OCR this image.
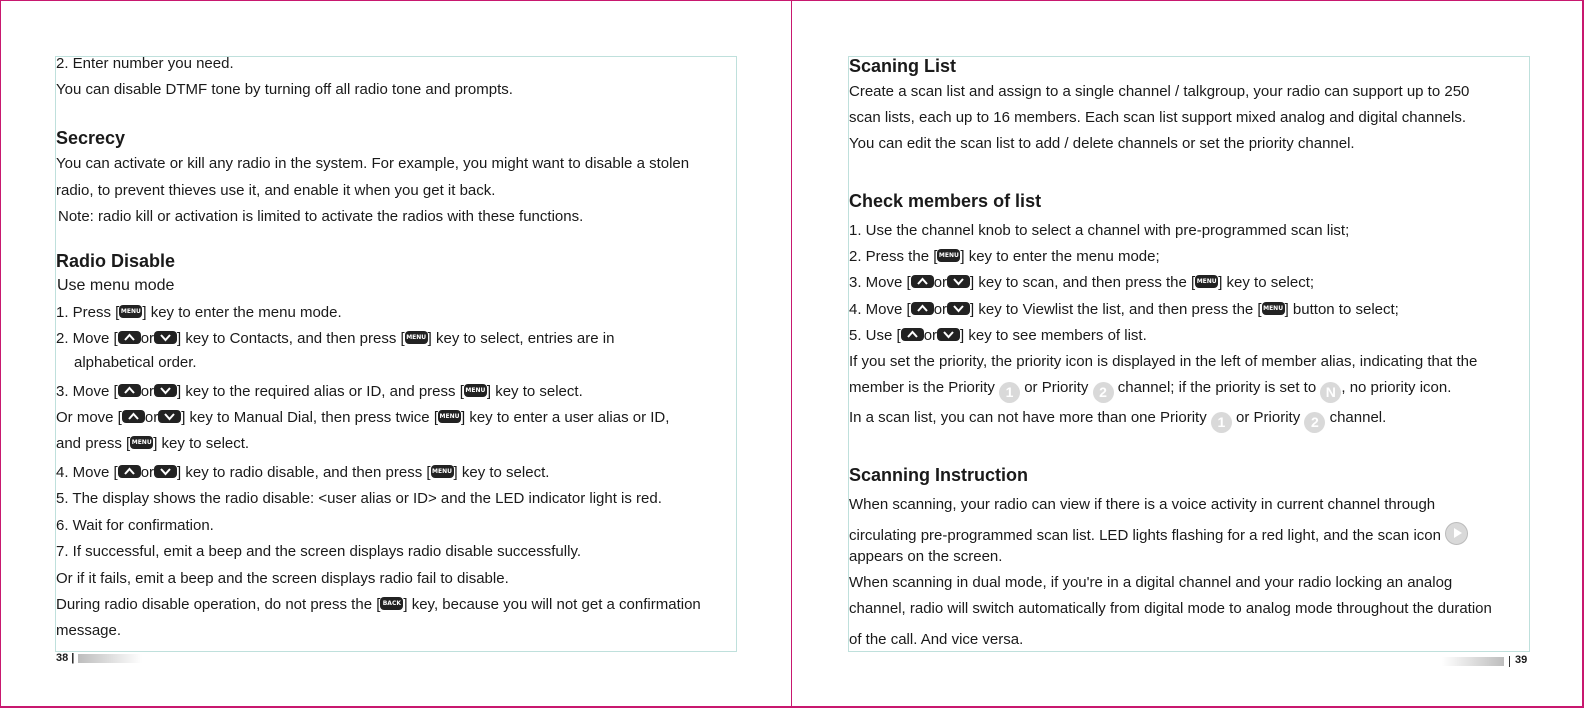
2. Enter number you need.
You can disable DTMF tone by turning off all radio tone and prompts.
Secrecy
You can activate or kill any radio in the system. For example, you might want to disable a stolen
radio, to prevent thieves use it, and enable it when you get it back.
Note: radio kill or activation is limited to activate the radios with these functions.
Radio Disable
Use menu mode
1. Press [ MENU ] key to enter the menu mode.
2. Move [ or ] key to Contacts, and then press [ MENU ] key to select, entries are in
alphabetical order.
3. Move [ or ] key to the required alias or ID, and press [ MENU ] key to select.
Or move [ or ] key to Manual Dial, then press twice [ MENU ] key to enter a user alias or ID,
and press [ MENU ] key to select.
4. Move [ or ] key to radio disable, and then press [ MENU ] key to select.
5. The display shows the radio disable: <user alias or ID> and the LED indicator light is red.
6. Wait for confirmation.
7. If successful, emit a beep and the screen displays radio disable successfully.
Or if it fails, emit a beep and the screen displays radio fail to disable.
During radio disable operation, do not press the [ BACK ] key, because you will not get a confirmation
message.
38 |
Scaning List
Create a scan list and assign to a single channel / talkgroup, your radio can support up to 250
scan lists, each up to 16 members. Each scan list support mixed analog and digital channels.
You can edit the scan list to add / delete channels or set the priority channel.
Check members of list
1. Use the channel knob to select a channel with pre-programmed scan list;
2. Press the [ MENU ] key to enter the menu mode;
3. Move [ or ] key to scan, and then press the [ MENU ] key to select;
4. Move [ or ] key to Viewlist the list, and then press the [ MENU ] button to select;
5. Use [ or ] key to see members of list.
If you set the priority, the priority icon is displayed in the left of member alias, indicating that the
member is the Priority 1 or Priority 2 channel; if the priority is set to N , no priority icon.
In a scan list, you can not have more than one Priority 1 or Priority 2 channel.
Scanning Instruction
When scanning, your radio can view if there is a voice activity in current channel through
circulating pre-programmed scan list. LED lights flashing for a red light, and the scan icon
appears on the screen.
When scanning in dual mode, if you're in a digital channel and your radio locking an analog
channel, radio will switch automatically from digital mode to analog mode throughout the duration
of the call. And vice versa.
39
